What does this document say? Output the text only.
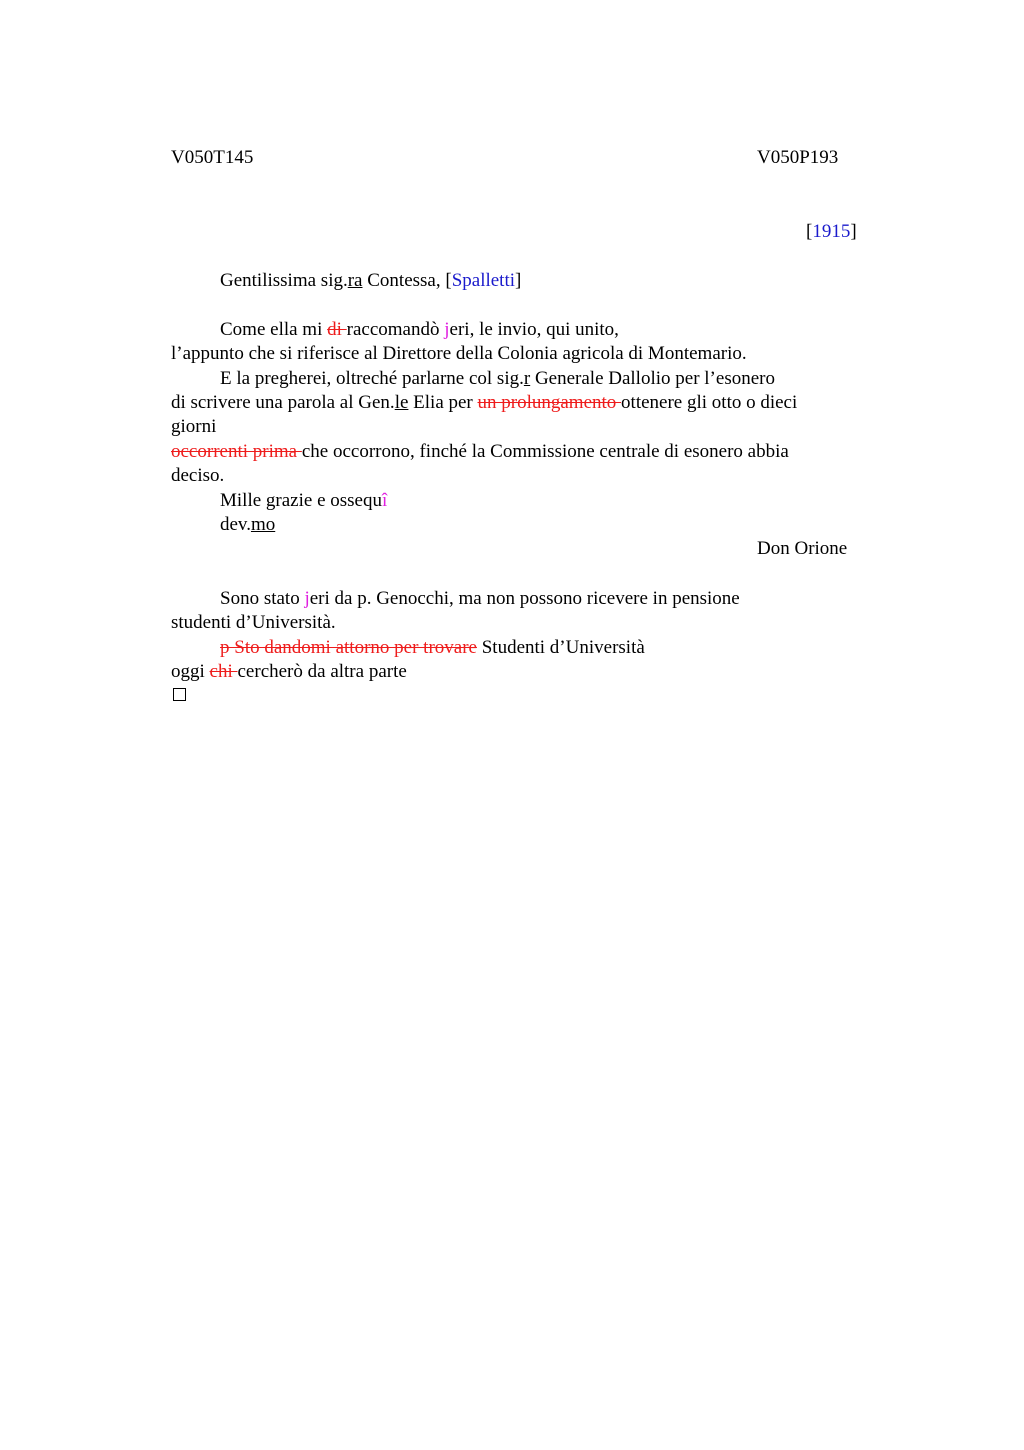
V050T145	V050P193
[1915]
Gentilissima sig.ra Contessa, [Spalletti]
Come ella mi di raccomandò jeri, le invio, qui unito,
l’appunto che si riferisce al Direttore della Colonia agricola di Montemario.
E la pregherei, oltreché parlarne col sig.r Generale Dallolio per l’esonero
di scrivere una parola al Gen.le Elia per un prolungamento ottenere gli otto o dieci
giorni
occorrenti prima che occorrono, finché la Commissione centrale di esonero abbia
deciso.
Mille grazie e ossequî
dev.mo
Don Orione
Sono stato jeri da p. Genocchi, ma non possono ricevere in pensione
studenti d’Università.
p Sto dandomi attorno per trovare Studenti d’Università
oggi chi cercherò da altra parte
